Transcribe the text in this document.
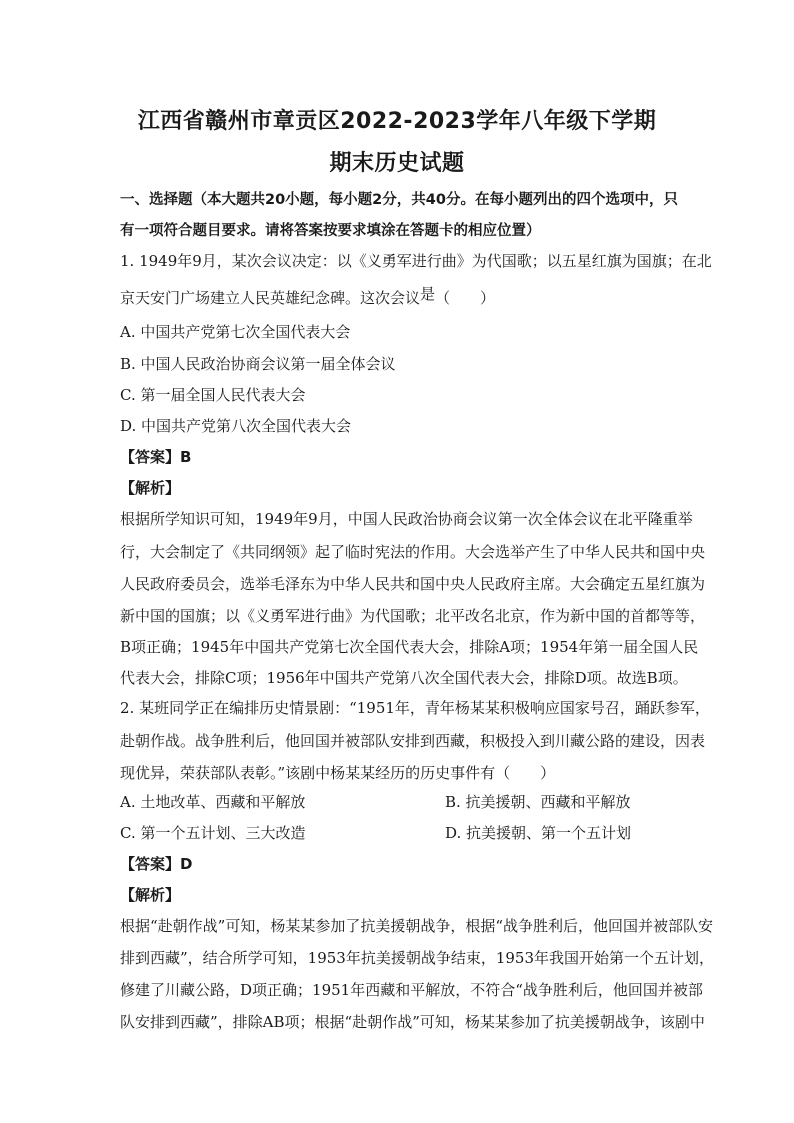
江西省赣州市章贡区2022-2023学年八年级下学期
期末历史试题
一、选择题（本大题共20小题，每小题2分，共40分。在每小题列出的四个选项中，只
有一项符合题目要求。请将答案按要求填涂在答题卡的相应位置）
1. 1949年9月，某次会议决定：以《义勇军进行曲》为代国歌；以五星红旗为国旗；在北
京天安门广场建立人民英雄纪念碑。这次会议是（　　）
A. 中国共产党第七次全国代表大会
B. 中国人民政治协商会议第一届全体会议
C. 第一届全国人民代表大会
D. 中国共产党第八次全国代表大会
【答案】B
【解析】
根据所学知识可知，1949年9月，中国人民政治协商会议第一次全体会议在北平隆重举
行，大会制定了《共同纲领》起了临时宪法的作用。大会选举产生了中华人民共和国中央
人民政府委员会，选举毛泽东为中华人民共和国中央人民政府主席。大会确定五星红旗为
新中国的国旗；以《义勇军进行曲》为代国歌；北平改名北京，作为新中国的首都等等，
B项正确；1945年中国共产党第七次全国代表大会，排除A项；1954年第一届全国人民
代表大会，排除C项；1956年中国共产党第八次全国代表大会，排除D项。故选B项。
2. 某班同学正在编排历史情景剧：“1951年，青年杨某某积极响应国家号召，踊跃参军，
赴朝作战。战争胜利后，他回国并被部队安排到西藏，积极投入到川藏公路的建设，因表
现优异，荣获部队表彰。”该剧中杨某某经历的历史事件有（　　）
A. 土地改革、西藏和平解放	B. 抗美援朝、西藏和平解放
C. 第一个五计划、三大改造	D. 抗美援朝、第一个五计划
【答案】D
【解析】
根据“赴朝作战”可知，杨某某参加了抗美援朝战争，根据“战争胜利后，他回国并被部队安
排到西藏”，结合所学可知，1953年抗美援朝战争结束，1953年我国开始第一个五计划，
修建了川藏公路，D项正确；1951年西藏和平解放，不符合“战争胜利后，他回国并被部
队安排到西藏”，排除AB项；根据“赴朝作战”可知，杨某某参加了抗美援朝战争，该剧中
